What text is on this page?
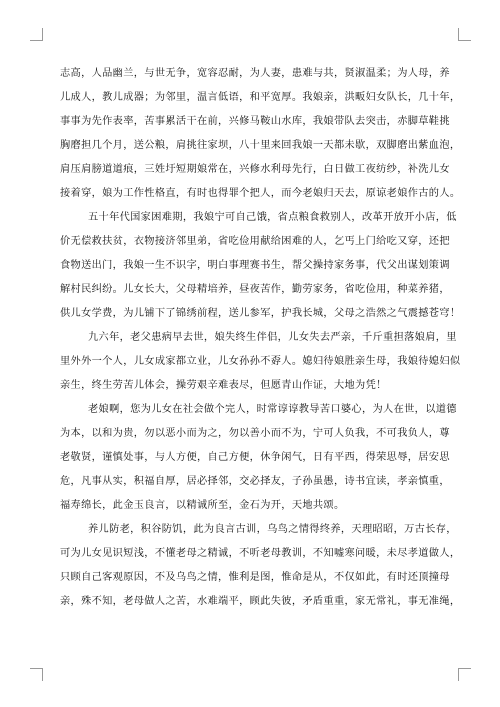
志高，人品幽兰，与世无争，宽容忍耐，为人妻，患难与共，贤淑温柔；为人母，养
儿成人，教儿成器；为邻里，温言低语，和平宽厚。我娘亲，洪畈妇女队长，几十年，
事事为先作表率，苦事累活干在前，兴修马鞍山水库，我娘带队去突击，赤脚草鞋挑
胸磨担几个月，送公粮，肩挑往家坝，八十里来回我娘一天都未歇，双脚磨出紫血泡，
肩压肩膀道道痕，三姓圩短期娘常在，兴修水利母先行，白日做工夜纺纱，补洗儿女
接着穿，娘为工作性格直，有时也得罪个把人，而今老娘归天去，原谅老娘作古的人。
五十年代国家困难期，我娘宁可自己饿，省点粮食救别人，改革开放开小店，低
价无偿救扶贫，衣物接济邻里弟，省吃俭用献给困难的人，乞丐上门给吃又穿，还把
食物送出门，我娘一生不识字，明白事理赛书生，帮父操持家务事，代父出谋划策调
解村民纠纷。儿女长大，父母精培养，昼夜苦作，勤劳家务，省吃俭用，种菜养猪，
供儿女学费，为儿铺下了锦绣前程，送儿参军，护我长城，父母之浩然之气震撼苍穹！
九六年，老父患病早去世，娘失终生伴侣，儿女失去严亲，千斤重担落娘肩，里
里外外一个人，儿女成家都立业，儿女孙孙不孬人。媳妇待娘胜亲生母，我娘待媳妇似
亲生，终生劳苦儿体会，操劳艰辛难表尽，但愿青山作证，大地为凭！
老娘啊，您为儿女在社会做个完人，时常谆谆教导苦口婆心，为人在世，以道德
为本，以和为贵，勿以恶小而为之，勿以善小而不为，宁可人负我，不可我负人，尊
老敬贤，谨慎处事，与人方便，自己方便，休争闲气，日有平西，得荣思辱，居安思
危，凡事从实，积福自厚，居必择邻，交必择友，子孙虽愚，诗书宜读，孝亲慎重，
福寿绵长，此金玉良言，以精诚所至，金石为开，天地共颂。
养儿防老，积谷防饥，此为良言古训，乌鸟之情得终养，天理昭昭，万古长存，
可为儿女见识短浅，不懂老母之精诚，不听老母教训，不知嘘寒问暖，未尽孝道做人，
只顾自己客观原因，不及乌鸟之情，惟利是图，惟命是从，不仅如此，有时还顶撞母
亲，殊不知，老母做人之苦，水难端平，顾此失彼，矛盾重重，家无常礼，事无准绳，
